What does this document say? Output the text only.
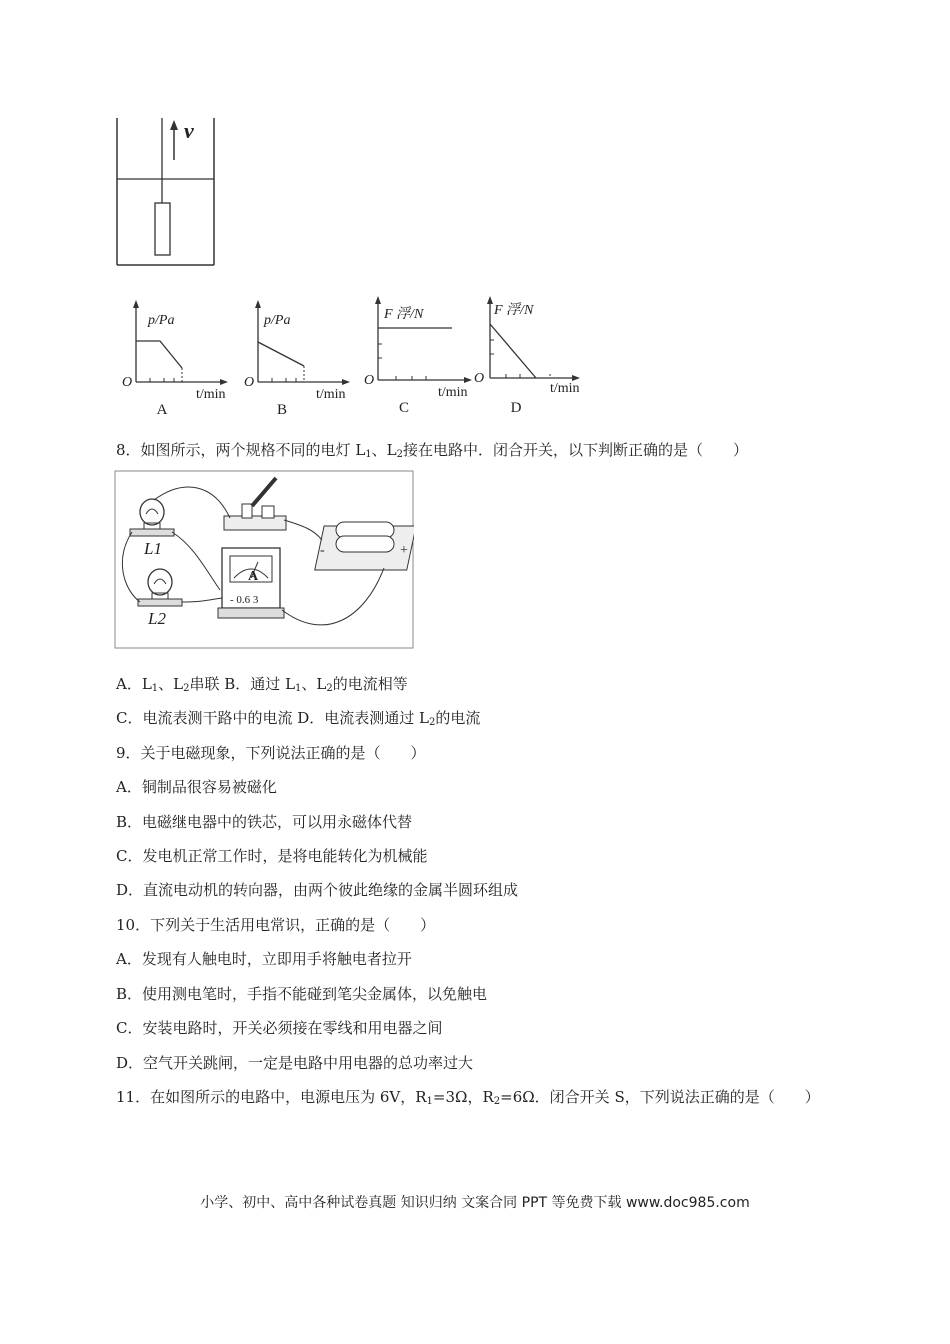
v
p/Pa
O
t/min
A
p/Pa
O
t/min
B
F 浮/N
O
t/min
C
F 浮/N
O
t/min
D
8．如图所示，两个规格不同的电灯 $L_1$、$L_2$接在电路中．闭合开关，以下判断正确的是（　　）
L1
L2
A
- 0.6 3
-	+
A．$L_1$、$L_2$串联 B．通过 $L_1$、$L_2$的电流相等
C．电流表测干路中的电流 D．电流表测通过 $L_2$的电流
9．关于电磁现象，下列说法正确的是（　　）
A．铜制品很容易被磁化
B．电磁继电器中的铁芯，可以用永磁体代替
C．发电机正常工作时，是将电能转化为机械能
D．直流电动机的转向器，由两个彼此绝缘的金属半圆环组成
10．下列关于生活用电常识，正确的是（　　）
A．发现有人触电时，立即用手将触电者拉开
B．使用测电笔时，手指不能碰到笔尖金属体，以免触电
C．安装电路时，开关必须接在零线和用电器之间
D．空气开关跳闸，一定是电路中用电器的总功率过大
11．在如图所示的电路中，电源电压为 6V，$R_1=3\Omega$，$R_2=6\Omega$．闭合开关 S，下列说法正确的是（　　）
小学、初中、高中各种试卷真题 知识归纳 文案合同 PPT 等免费下载 www.doc985.com
